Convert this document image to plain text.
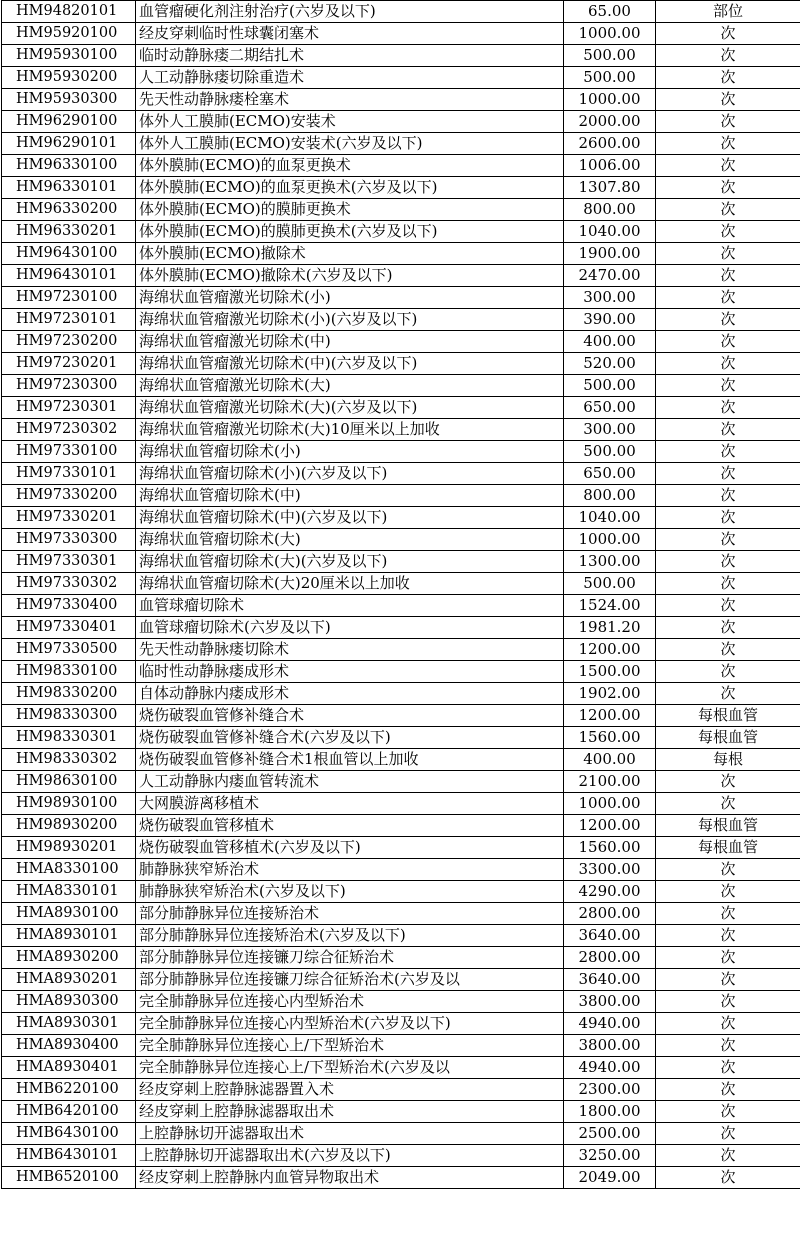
HM94820101	血管瘤硬化剂注射治疗(六岁及以下)	65.00	部位
HM95920100	经皮穿刺临时性球囊闭塞术	1000.00	次
HM95930100	临时动静脉瘘二期结扎术	500.00	次
HM95930200	人工动静脉瘘切除重造术	500.00	次
HM95930300	先天性动静脉瘘栓塞术	1000.00	次
HM96290100	体外人工膜肺(ECMO)安装术	2000.00	次
HM96290101	体外人工膜肺(ECMO)安装术(六岁及以下)	2600.00	次
HM96330100	体外膜肺(ECMO)的血泵更换术	1006.00	次
HM96330101	体外膜肺(ECMO)的血泵更换术(六岁及以下)	1307.80	次
HM96330200	体外膜肺(ECMO)的膜肺更换术	800.00	次
HM96330201	体外膜肺(ECMO)的膜肺更换术(六岁及以下)	1040.00	次
HM96430100	体外膜肺(ECMO)撤除术	1900.00	次
HM96430101	体外膜肺(ECMO)撤除术(六岁及以下)	2470.00	次
HM97230100	海绵状血管瘤激光切除术(小)	300.00	次
HM97230101	海绵状血管瘤激光切除术(小)(六岁及以下)	390.00	次
HM97230200	海绵状血管瘤激光切除术(中)	400.00	次
HM97230201	海绵状血管瘤激光切除术(中)(六岁及以下)	520.00	次
HM97230300	海绵状血管瘤激光切除术(大)	500.00	次
HM97230301	海绵状血管瘤激光切除术(大)(六岁及以下)	650.00	次
HM97230302	海绵状血管瘤激光切除术(大)10厘米以上加收	300.00	次
HM97330100	海绵状血管瘤切除术(小)	500.00	次
HM97330101	海绵状血管瘤切除术(小)(六岁及以下)	650.00	次
HM97330200	海绵状血管瘤切除术(中)	800.00	次
HM97330201	海绵状血管瘤切除术(中)(六岁及以下)	1040.00	次
HM97330300	海绵状血管瘤切除术(大)	1000.00	次
HM97330301	海绵状血管瘤切除术(大)(六岁及以下)	1300.00	次
HM97330302	海绵状血管瘤切除术(大)20厘米以上加收	500.00	次
HM97330400	血管球瘤切除术	1524.00	次
HM97330401	血管球瘤切除术(六岁及以下)	1981.20	次
HM97330500	先天性动静脉瘘切除术	1200.00	次
HM98330100	临时性动静脉瘘成形术	1500.00	次
HM98330200	自体动静脉内瘘成形术	1902.00	次
HM98330300	烧伤破裂血管修补缝合术	1200.00	每根血管
HM98330301	烧伤破裂血管修补缝合术(六岁及以下)	1560.00	每根血管
HM98330302	烧伤破裂血管修补缝合术1根血管以上加收	400.00	每根
HM98630100	人工动静脉内瘘血管转流术	2100.00	次
HM98930100	大网膜游离移植术	1000.00	次
HM98930200	烧伤破裂血管移植术	1200.00	每根血管
HM98930201	烧伤破裂血管移植术(六岁及以下)	1560.00	每根血管
HMA8330100	肺静脉狭窄矫治术	3300.00	次
HMA8330101	肺静脉狭窄矫治术(六岁及以下)	4290.00	次
HMA8930100	部分肺静脉异位连接矫治术	2800.00	次
HMA8930101	部分肺静脉异位连接矫治术(六岁及以下)	3640.00	次
HMA8930200	部分肺静脉异位连接镰刀综合征矫治术	2800.00	次
HMA8930201	部分肺静脉异位连接镰刀综合征矫治术(六岁及以	3640.00	次
HMA8930300	完全肺静脉异位连接心内型矫治术	3800.00	次
HMA8930301	完全肺静脉异位连接心内型矫治术(六岁及以下)	4940.00	次
HMA8930400	完全肺静脉异位连接心上/下型矫治术	3800.00	次
HMA8930401	完全肺静脉异位连接心上/下型矫治术(六岁及以	4940.00	次
HMB6220100	经皮穿刺上腔静脉滤器置入术	2300.00	次
HMB6420100	经皮穿刺上腔静脉滤器取出术	1800.00	次
HMB6430100	上腔静脉切开滤器取出术	2500.00	次
HMB6430101	上腔静脉切开滤器取出术(六岁及以下)	3250.00	次
HMB6520100	经皮穿刺上腔静脉内血管异物取出术	2049.00	次
